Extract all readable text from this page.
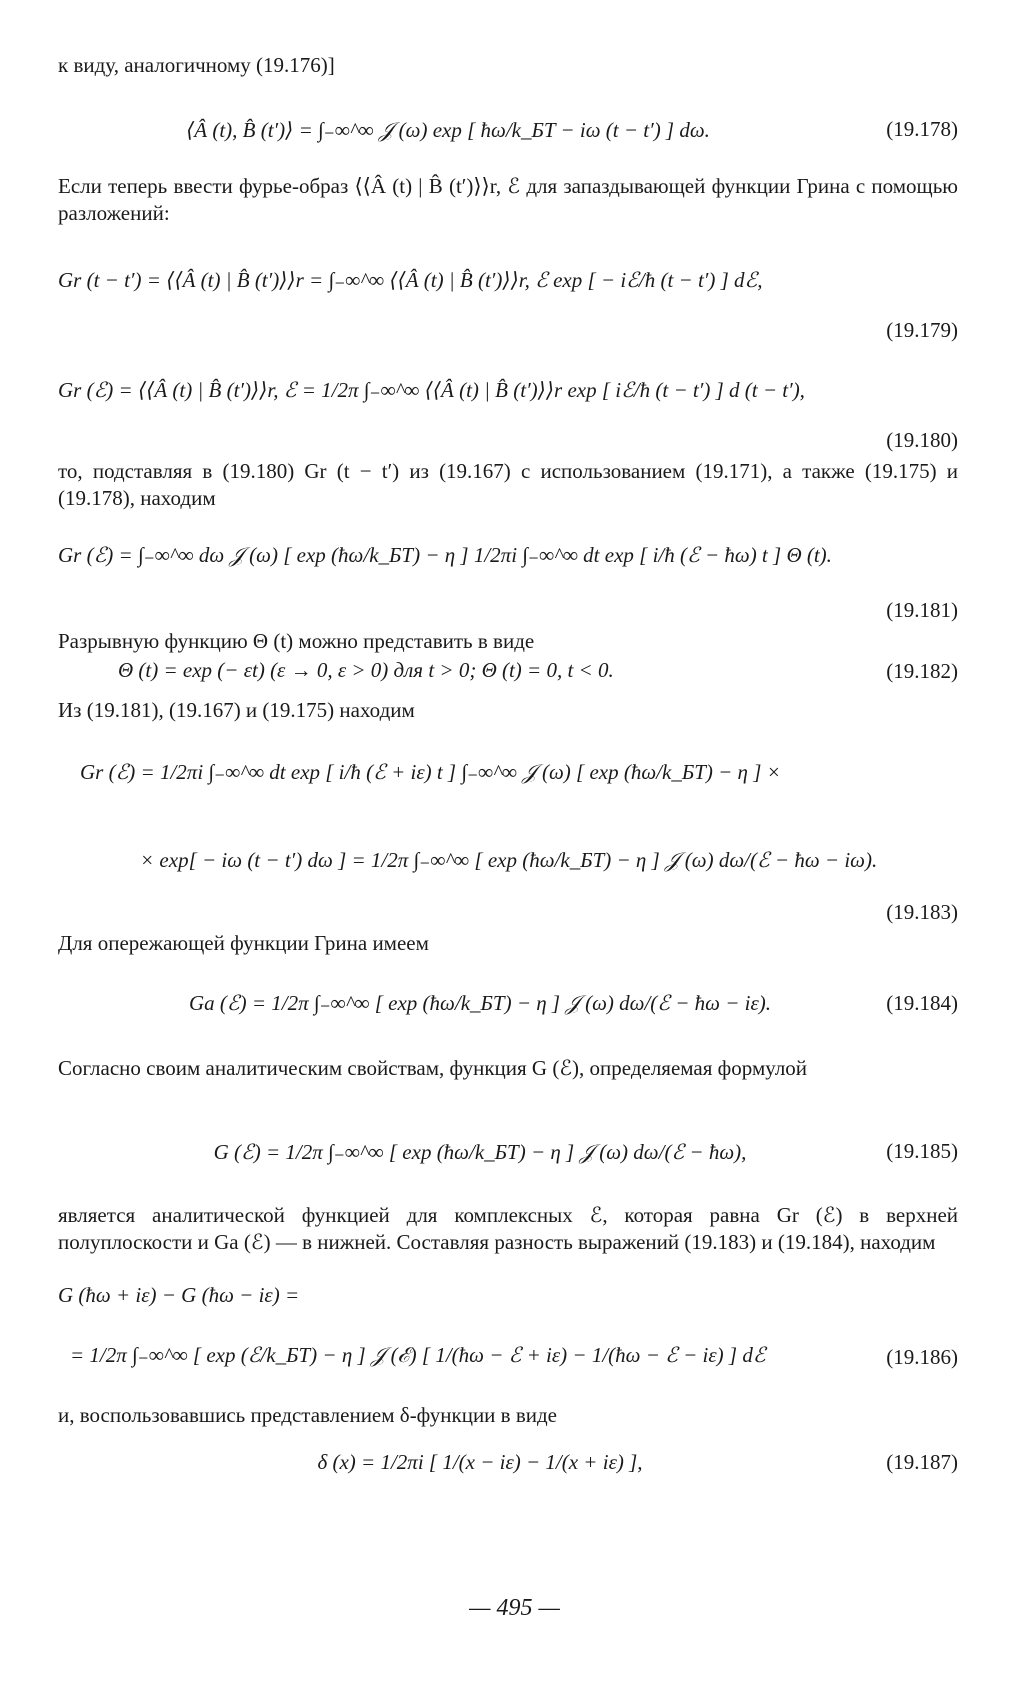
к виду, аналогичному (19.176)]
⟨Â (t), B̂ (t′)⟩ = ∫₋∞^∞ 𝒥 (ω) exp [ ħω/k_БT − iω (t − t′) ] dω.	(19.178)
Если теперь ввести фурье-образ ⟨⟨Â (t) | B̂ (t′)⟩⟩r, ℰ для запаздывающей функции Грина с помощью разложений:
Gr (t − t′) = ⟨⟨Â (t) | B̂ (t′)⟩⟩r = ∫₋∞^∞ ⟨⟨Â (t) | B̂ (t′)⟩⟩r, ℰ exp [ − iℰ/ħ (t − t′) ] dℰ,
(19.179)
Gr (ℰ) = ⟨⟨Â (t) | B̂ (t′)⟩⟩r, ℰ = 1/2π ∫₋∞^∞ ⟨⟨Â (t) | B̂ (t′)⟩⟩r exp [ iℰ/ħ (t − t′) ] d (t − t′),
(19.180)
то, подставляя в (19.180) Gr (t − t′) из (19.167) с использованием (19.171), а также (19.175) и (19.178), находим
Gr (ℰ) = ∫₋∞^∞ dω 𝒥 (ω) [ exp (ħω/k_БT) − η ] 1/2πi ∫₋∞^∞ dt exp [ i/ħ (ℰ − ħω) t ] Θ (t).
(19.181)
Разрывную функцию Θ (t) можно представить в виде
Θ (t) = exp (− εt) (ε → 0, ε > 0) для t > 0; Θ (t) = 0, t < 0.	(19.182)
Из (19.181), (19.167) и (19.175) находим
Gr (ℰ) = 1/2πi ∫₋∞^∞ dt exp [ i/ħ (ℰ + iε) t ] ∫₋∞^∞ 𝒥 (ω) [ exp (ħω/k_БT) − η ] ×
× exp[ − iω (t − t′) dω ] = 1/2π ∫₋∞^∞ [ exp (ħω/k_БT) − η ] 𝒥 (ω) dω/(ℰ − ħω − iω).
(19.183)
Для опережающей функции Грина имеем
Ga (ℰ) = 1/2π ∫₋∞^∞ [ exp (ħω/k_БT) − η ] 𝒥 (ω) dω/(ℰ − ħω − iε).	(19.184)
Согласно своим аналитическим свойствам, функция G (ℰ), определяемая формулой
G (ℰ) = 1/2π ∫₋∞^∞ [ exp (ħω/k_БT) − η ] 𝒥 (ω) dω/(ℰ − ħω),	(19.185)
является аналитической функцией для комплексных ℰ, которая равна Gr (ℰ) в верхней полуплоскости и Ga (ℰ) — в нижней. Составляя разность выражений (19.183) и (19.184), находим
G (ħω + iε) − G (ħω − iε) =
= 1/2π ∫₋∞^∞ [ exp (ℰ/k_БT) − η ] 𝒥 (ℰ) [ 1/(ħω − ℰ + iε) − 1/(ħω − ℰ − iε) ] dℰ	(19.186)
и, воспользовавшись представлением δ-функции в виде
δ (x) = 1/2πi [ 1/(x − iε) − 1/(x + iε) ],	(19.187)
— 495 —
